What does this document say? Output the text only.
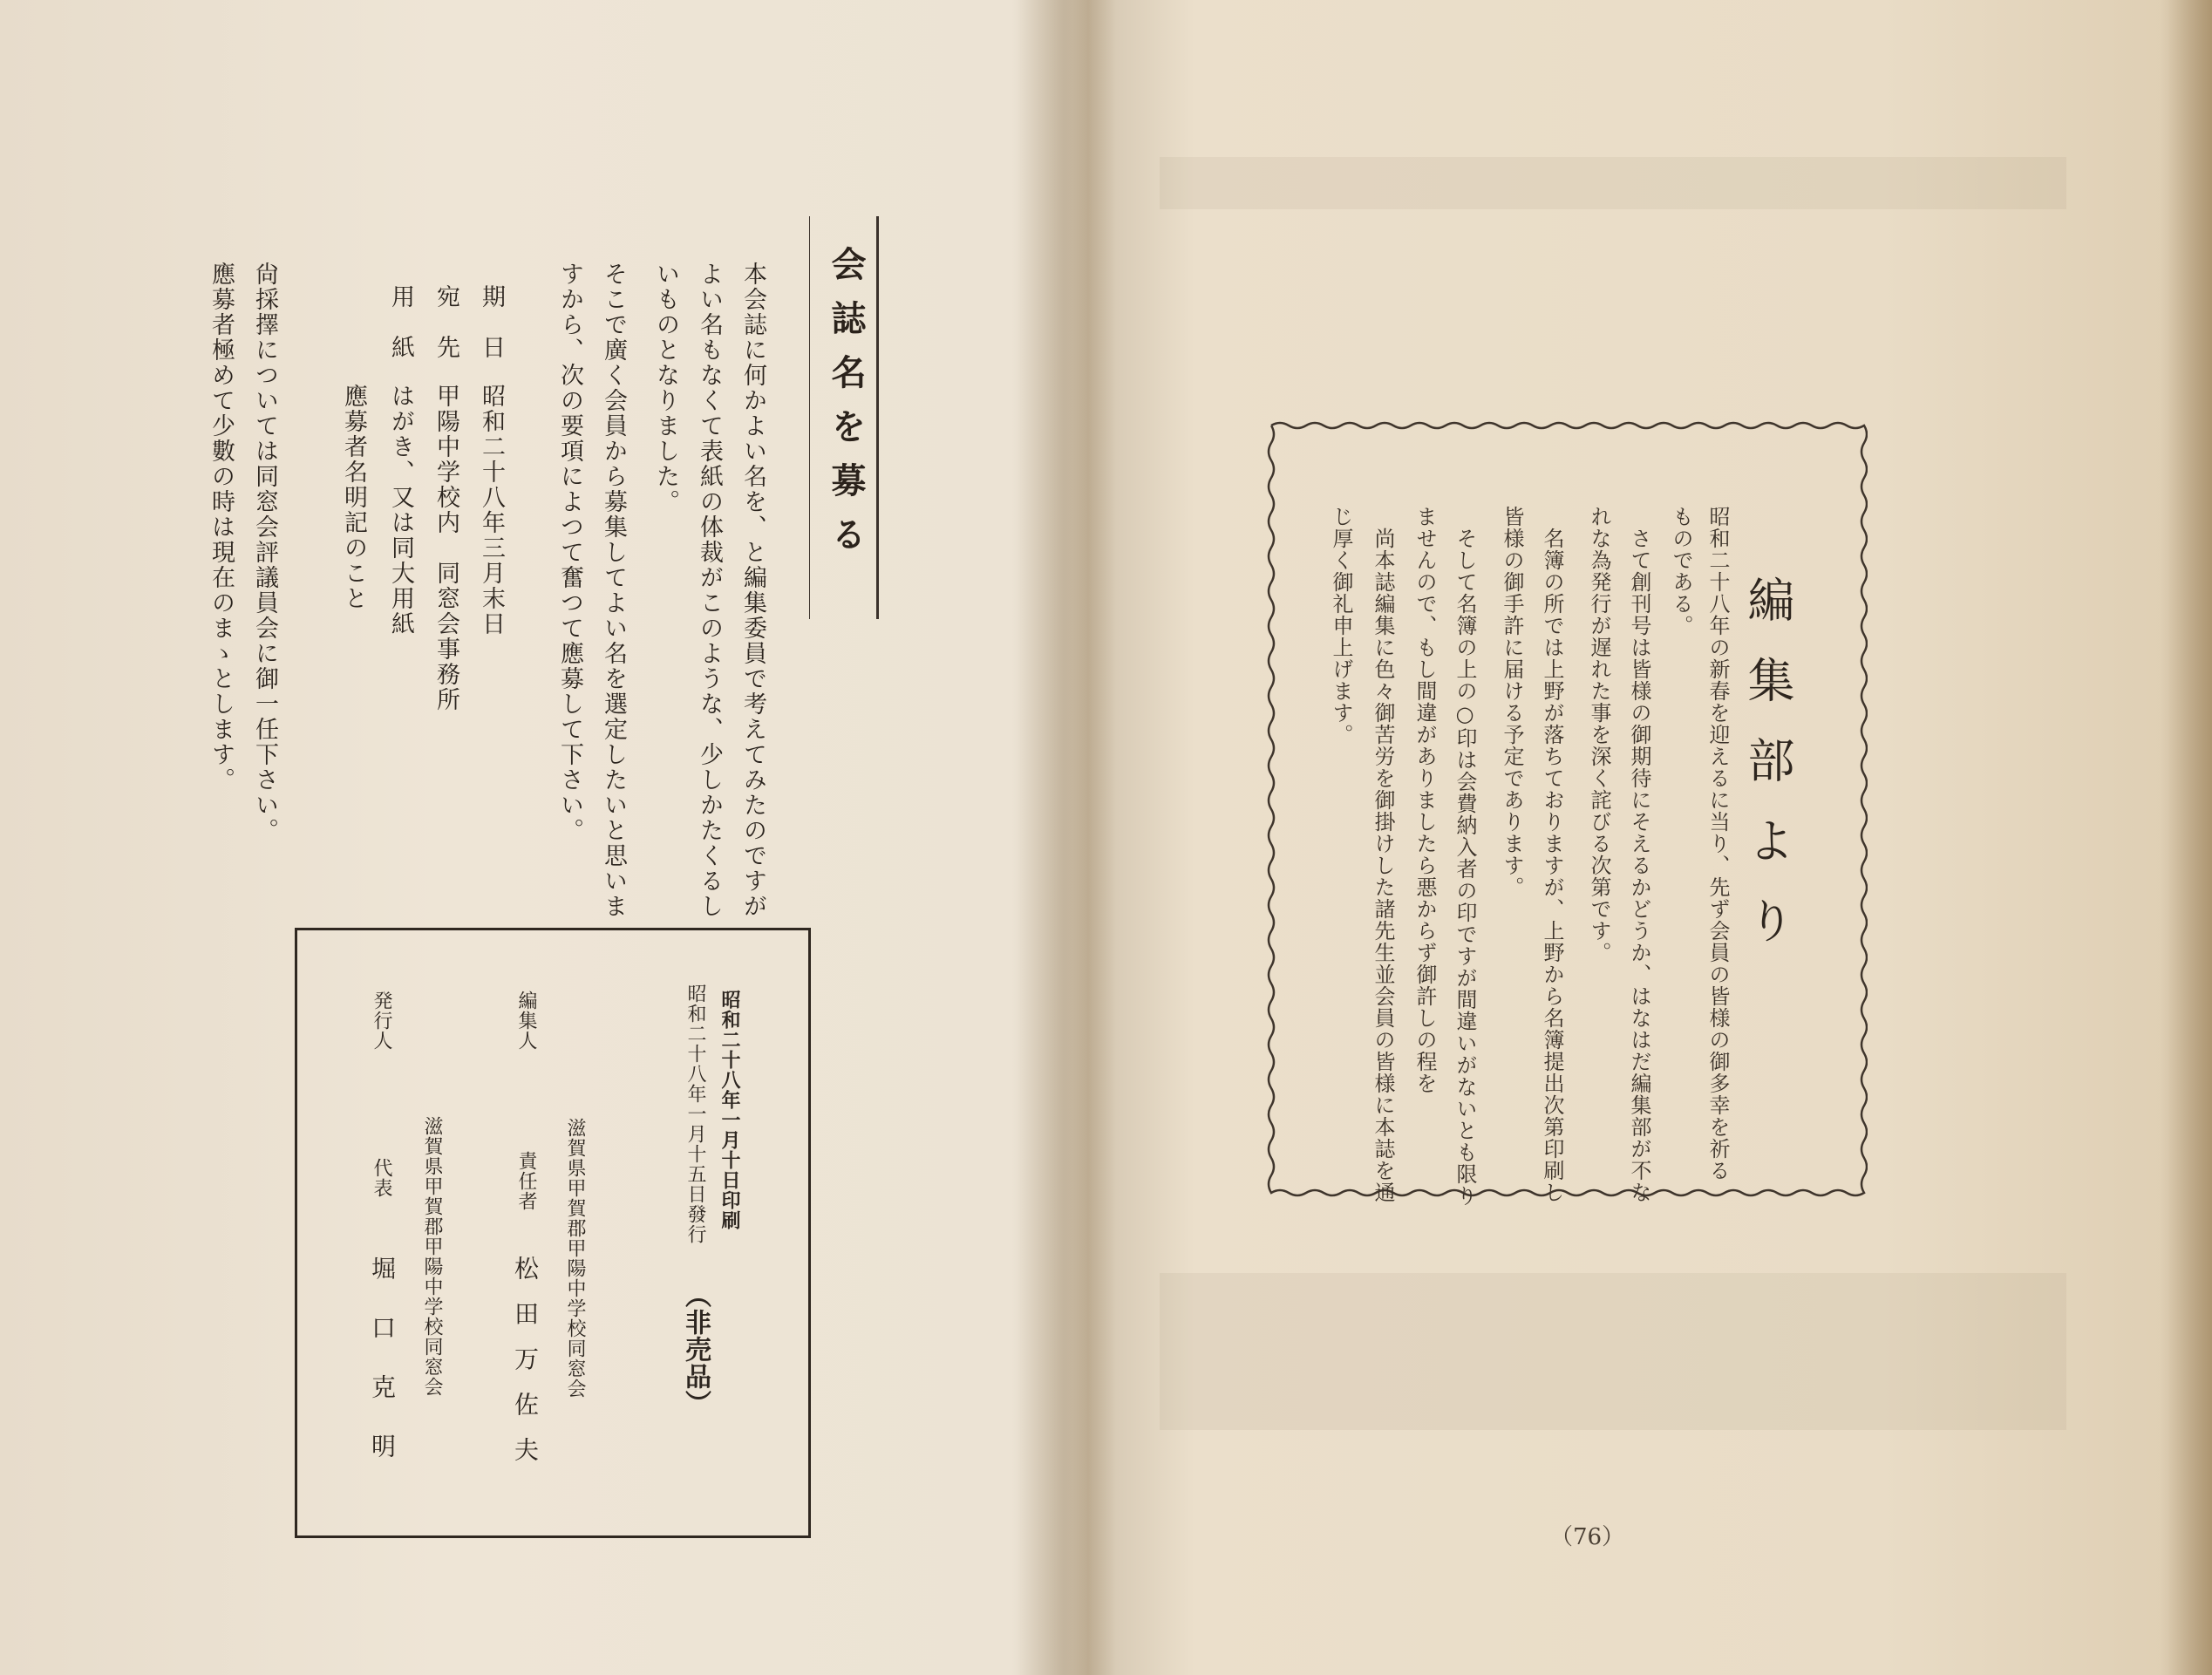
会誌名を募る
本会誌に何かよい名を、と編集委員で考えてみたのですが
よい名もなくて表紙の体裁がこのような、少しかたくるし
いものとなりました。
そこで廣く会員から募集してよい名を選定したいと思いま
すから、次の要項によつて奮つて應募して下さい。
期　日
昭和二十八年三月末日
宛　先
甲陽中学校内　同窓会事務所
用　紙
はがき、又は同大用紙
應募者名明記のこと
尙採擇については同窓会評議員会に御一任下さい。
應募者極めて少數の時は現在のまゝとします。
昭和二十八年一月十日印刷
昭和二十八年一月十五日發行
（非売品）
滋賀県甲賀郡甲陽中学校同窓会
編集人
責任者
松田万佐夫
滋賀県甲賀郡甲陽中学校同窓会
発行人
代表
堀口克明
編集部より
昭和二十八年の新春を迎えるに当り、先ず会員の皆様の御多幸を祈る
ものである。
さて創刊号は皆様の御期待にそえるかどうか、はなはだ編集部が不な
れな為発行が遅れた事を深く詫びる次第です。
名簿の所では上野が落ちておりますが、上野から名簿提出次第印刷し
皆様の御手許に届ける予定であります。
そして名簿の上の○印は会費納入者の印ですが間違いがないとも限り
ませんので、もし間違がありましたら悪からず御許しの程を
尚本誌編集に色々御苦労を御掛けした諸先生並会員の皆様に本誌を通
じ厚く御礼申上げます。
（76）
